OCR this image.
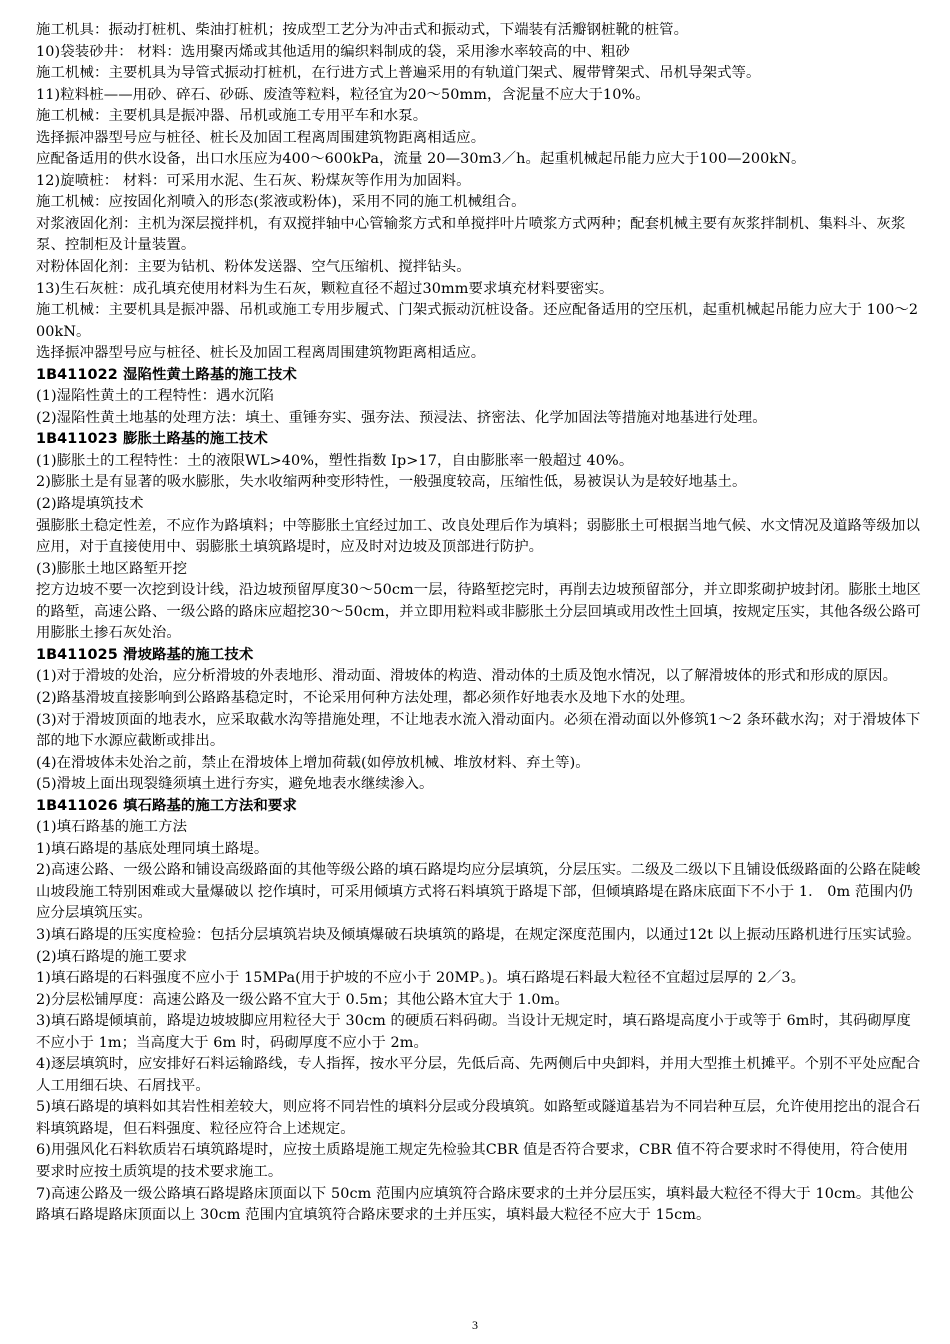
施工机具：振动打桩机、柴油打桩机；按成型工艺分为冲击式和振动式，下端装有活瓣钢桩靴的桩管。

10)袋装砂井： 材料：选用聚丙烯或其他适用的编织料制成的袋，采用渗水率较高的中、粗砂

施工机械：主要机具为导管式振动打桩机，在行进方式上普遍采用的有轨道门架式、履带臂架式、吊机导架式等。

11)粒料桩——用砂、碎石、砂砾、废渣等粒料，粒径宜为20～50mm，含泥量不应大于10%。

施工机械：主要机具是振冲器、吊机或施工专用平车和水泵。

选择振冲器型号应与桩径、桩长及加固工程离周围建筑物距离相适应。

应配备适用的供水设备，出口水压应为400～600kPa，流量 20—30m3／h。起重机械起吊能力应大于100—200kN。

12)旋喷桩： 材料：可采用水泥、生石灰、粉煤灰等作用为加固料。

施工机械：应按固化剂喷入的形态(浆液或粉体)，采用不同的施工机械组合。

对浆液固化剂：主机为深层搅拌机，有双搅拌轴中心管输浆方式和单搅拌叶片喷浆方式两种；配套机械主要有灰浆拌制机、集料斗、灰浆泵、控制柜及计量装置。

对粉体固化剂：主要为钻机、粉体发送器、空气压缩机、搅拌钻头。

13)生石灰桩：成孔填充使用材料为生石灰，颗粒直径不超过30mm要求填充材料要密实。

施工机械：主要机具是振冲器、吊机或施工专用步履式、门架式振动沉桩设备。还应配备适用的空压机，起重机械起吊能力应大于 100～200kN。

选择振冲器型号应与桩径、桩长及加固工程离周围建筑物距离相适应。

1B411022 湿陷性黄土路基的施工技术

(1)湿陷性黄土的工程特性：遇水沉陷

(2)湿陷性黄土地基的处理方法：填土、重锤夯实、强夯法、预浸法、挤密法、化学加固法等措施对地基进行处理。

1B411023 膨胀土路基的施工技术

(1)膨胀土的工程特性：土的液限WL>40%，塑性指数 Ip>17，自由膨胀率一般超过 40%。

2)膨胀土是有显著的吸水膨胀，失水收缩两种变形特性，一般强度较高，压缩性低，易被误认为是较好地基土。

(2)路堤填筑技术

强膨胀土稳定性差，不应作为路填料；中等膨胀土宜经过加工、改良处理后作为填料；弱膨胀土可根据当地气候、水文情况及道路等级加以应用，对于直接使用中、弱膨胀土填筑路堤时，应及时对边坡及顶部进行防护。

(3)膨胀土地区路堑开挖

挖方边坡不要一次挖到设计线，沿边坡预留厚度30～50cm一层，待路堑挖完时，再削去边坡预留部分，并立即浆砌护坡封闭。膨胀土地区的路堑，高速公路、一级公路的路床应超挖30～50cm，并立即用粒料或非膨胀土分层回填或用改性土回填，按规定压实，其他各级公路可用膨胀土掺石灰处治。

1B411025 滑坡路基的施工技术

(1)对于滑坡的处治，应分析滑坡的外表地形、滑动面、滑坡体的构造、滑动体的土质及饱水情况，以了解滑坡体的形式和形成的原因。

(2)路基滑坡直接影响到公路路基稳定时，不论采用何种方法处理，都必须作好地表水及地下水的处理。

(3)对于滑坡顶面的地表水，应采取截水沟等措施处理，不让地表水流入滑动面内。必须在滑动面以外修筑1～2 条环截水沟；对于滑坡体下部的地下水源应截断或排出。

(4)在滑坡体未处治之前，禁止在滑坡体上增加荷载(如停放机械、堆放材料、弃土等)。

(5)滑坡上面出现裂缝须填土进行夯实，避免地表水继续渗入。

1B411026 填石路基的施工方法和要求

(1)填石路基的施工方法

1)填石路堤的基底处理同填土路堤。

2)高速公路、一级公路和铺设高级路面的其他等级公路的填石路堤均应分层填筑，分层压实。二级及二级以下且铺设低级路面的公路在陡峻山坡段施工特别困难或大量爆破以 挖作填时，可采用倾填方式将石料填筑于路堤下部，但倾填路堤在路床底面下不小于 1． 0m 范围内仍应分层填筑压实。

3)填石路堤的压实度检验：包括分层填筑岩块及倾填爆破石块填筑的路堤，在规定深度范围内，以通过12t 以上振动压路机进行压实试验。

(2)填石路堤的施工要求

1)填石路堤的石料强度不应小于 15MPa(用于护坡的不应小于 20MP。)。填石路堤石料最大粒径不宜超过层厚的 2／3。

2)分层松铺厚度：高速公路及一级公路不宜大于 0.5m；其他公路木宜大于 1.0m。

3)填石路堤倾填前，路堤边坡坡脚应用粒径大于 30cm 的硬质石料码砌。当设计无规定时，填石路堤高度小于或等于 6m时，其码砌厚度不应小于 1m；当高度大于 6m 时，码砌厚度不应小于 2m。

4)逐层填筑时，应安排好石料运输路线，专人指挥，按水平分层，先低后高、先两侧后中央卸料，并用大型推土机摊平。个别不平处应配合人工用细石块、石屑找平。

5)填石路堤的填料如其岩性相差较大，则应将不同岩性的填料分层或分段填筑。如路堑或隧道基岩为不同岩种互层，允许使用挖出的混合石料填筑路堤，但石料强度、粒径应符合上述规定。

6)用强风化石料软质岩石填筑路堤时，应按土质路堤施工规定先检验其CBR 值是否符合要求，CBR 值不符合要求时不得使用，符合使用要求时应按土质筑堤的技术要求施工。

7)高速公路及一级公路填石路堤路床顶面以下 50cm 范围内应填筑符合路床要求的土并分层压实，填料最大粒径不得大于 10cm。其他公路填石路堤路床顶面以上 30cm 范围内宜填筑符合路床要求的土并压实，填料最大粒径不应大于 15cm。

3
